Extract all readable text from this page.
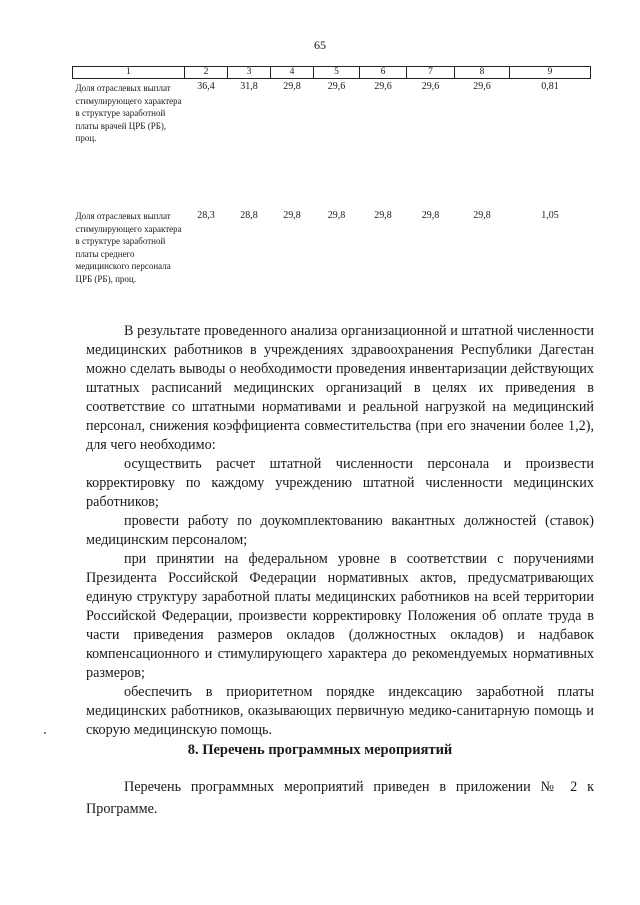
65
1	2	3	4	5	6	7	8	9
Доля отраслевых выплат стимулирующего характера в структуре заработной платы врачей ЦРБ (РБ), проц.	36,4	31,8	29,8	29,6	29,6	29,6	29,6	0,81
Доля отраслевых выплат стимулирующего характера в структуре заработной платы среднего медицинского персонала ЦРБ (РБ), проц.	28,3	28,8	29,8	29,8	29,8	29,8	29,8	1,05

В результате проведенного анализа организационной и штатной численности медицинских работников в учреждениях здравоохранения Республики Дагестан можно сделать выводы о необходимости проведения инвентаризации действующих штатных расписаний медицинских организаций в целях их приведения в соответствие со штатными нормативами и реальной нагрузкой на медицинский персонал, снижения коэффициента совместительства (при его значении более 1,2), для чего необходимо:

осуществить расчет штатной численности персонала и произвести корректировку по каждому учреждению штатной численности медицинских работников;

провести работу по доукомплектованию вакантных должностей (ставок) медицинским персоналом;

при принятии на федеральном уровне в соответствии с поручениями Президента Российской Федерации нормативных актов, предусматривающих единую структуру заработной платы медицинских работников на всей территории Российской Федерации, произвести корректировку Положения об оплате труда в части приведения размеров окладов (должностных окладов) и надбавок компенсационного и стимулирующего характера до рекомендуемых нормативных размеров;

обеспечить в приоритетном порядке индексацию заработной платы медицинских работников, оказывающих первичную медико-санитарную помощь и скорую медицинскую помощь.

8. Перечень программных мероприятий

Перечень программных мероприятий приведен в приложении № 2 к Программе.
